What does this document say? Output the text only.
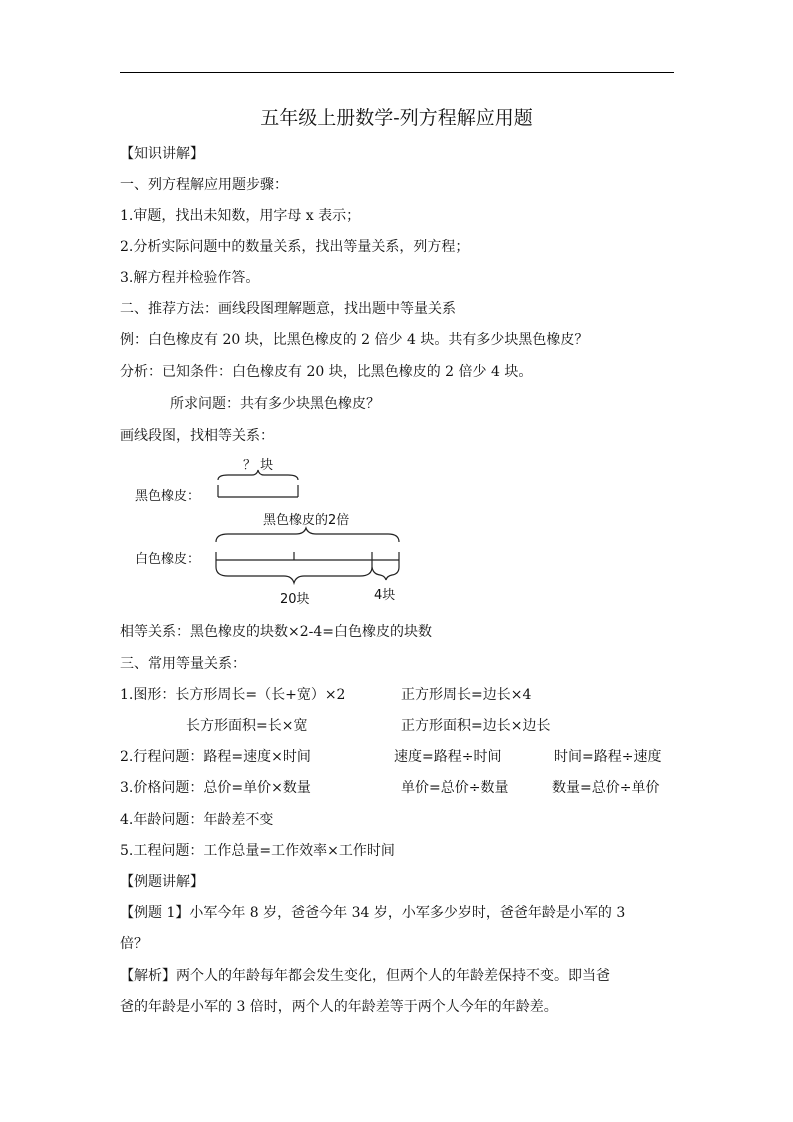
五年级上册数学-列方程解应用题
【知识讲解】
一、列方程解应用题步骤：
1.审题，找出未知数，用字母 x 表示；
2.分析实际问题中的数量关系，找出等量关系，列方程；
3.解方程并检验作答。
二、推荐方法：画线段图理解题意，找出题中等量关系
例：白色橡皮有 20 块，比黑色橡皮的 2 倍少 4 块。共有多少块黑色橡皮？
分析：已知条件：白色橡皮有 20 块，比黑色橡皮的 2 倍少 4 块。
所求问题：共有多少块黑色橡皮？
画线段图，找相等关系：
？ 块
黑色橡皮：
黑色橡皮的2倍
白色橡皮：
20块	4块
相等关系：黑色橡皮的块数×2-4=白色橡皮的块数
三、常用等量关系：
1.图形：长方形周长=（长+宽）×2	正方形周长=边长×4
长方形面积=长×宽	正方形面积=边长×边长
2.行程问题：路程=速度×时间	速度=路程÷时间	时间=路程÷速度
3.价格问题：总价=单价×数量	单价=总价÷数量	数量=总价÷单价
4.年龄问题：年龄差不变
5.工程问题：工作总量=工作效率×工作时间
【例题讲解】
【例题 1】小军今年 8 岁，爸爸今年 34 岁，小军多少岁时，爸爸年龄是小军的 3
倍？
【解析】两个人的年龄每年都会发生变化，但两个人的年龄差保持不变。即当爸
爸的年龄是小军的 3 倍时，两个人的年龄差等于两个人今年的年龄差。
